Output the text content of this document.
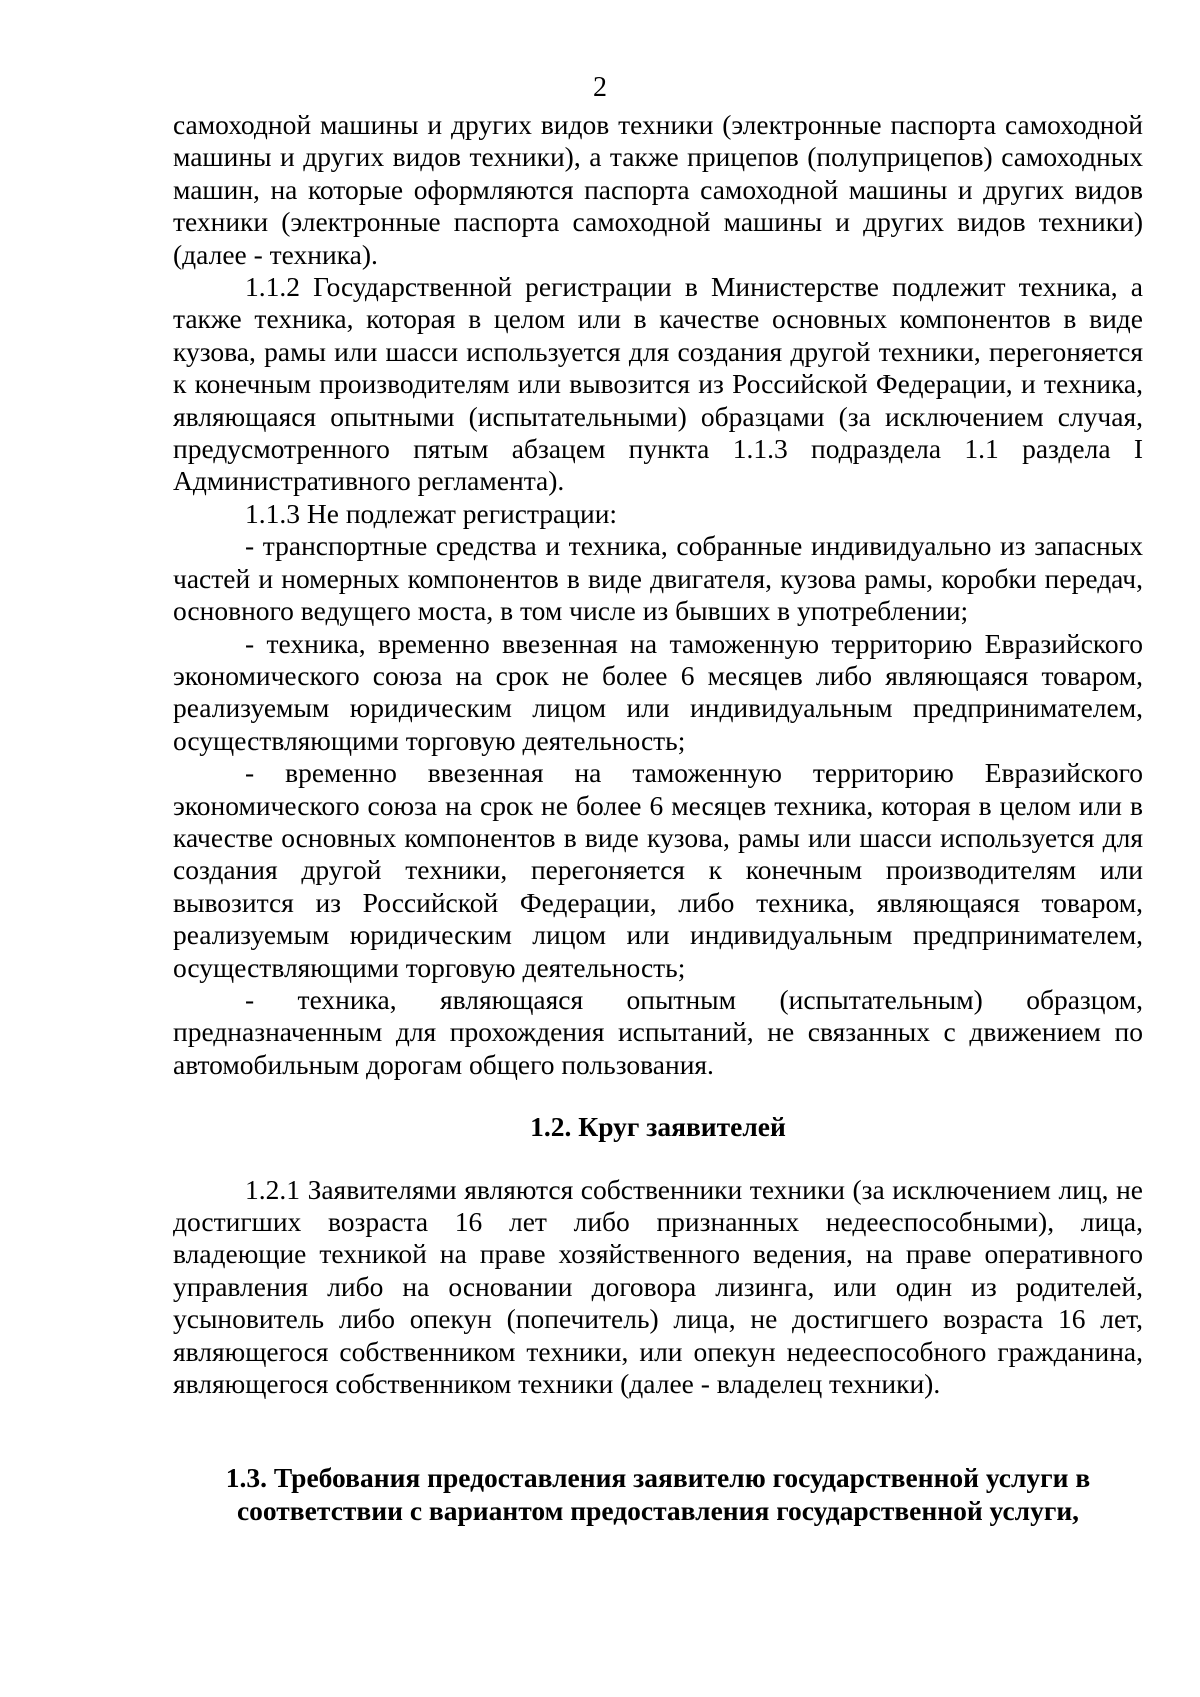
2

самоходной машины и других видов техники (электронные паспорта самоходной машины и других видов техники), а также прицепов (полуприцепов) самоходных машин, на которые оформляются паспорта самоходной машины и других видов техники (электронные паспорта самоходной машины и других видов техники) (далее - техника).

1.1.2 Государственной регистрации в Министерстве подлежит техника, а также техника, которая в целом или в качестве основных компонентов в виде кузова, рамы или шасси используется для создания другой техники, перегоняется к конечным производителям или вывозится из Российской Федерации, и техника, являющаяся опытными (испытательными) образцами (за исключением случая, предусмотренного пятым абзацем пункта 1.1.3 подраздела 1.1 раздела I Административного регламента).

1.1.3 Не подлежат регистрации:

- транспортные средства и техника, собранные индивидуально из запасных частей и номерных компонентов в виде двигателя, кузова рамы, коробки передач, основного ведущего моста, в том числе из бывших в употреблении;

- техника, временно ввезенная на таможенную территорию Евразийского экономического союза на срок не более 6 месяцев либо являющаяся товаром, реализуемым юридическим лицом или индивидуальным предпринимателем, осуществляющими торговую деятельность;

- временно ввезенная на таможенную территорию Евразийского экономического союза на срок не более 6 месяцев техника, которая в целом или в качестве основных компонентов в виде кузова, рамы или шасси используется для создания другой техники, перегоняется к конечным производителям или вывозится из Российской Федерации, либо техника, являющаяся товаром, реализуемым юридическим лицом или индивидуальным предпринимателем, осуществляющими торговую деятельность;

- техника, являющаяся опытным (испытательным) образцом, предназначенным для прохождения испытаний, не связанных с движением по автомобильным дорогам общего пользования.

1.2. Круг заявителей

1.2.1 Заявителями являются собственники техники (за исключением лиц, не достигших возраста 16 лет либо признанных недееспособными), лица, владеющие техникой на праве хозяйственного ведения, на праве оперативного управления либо на основании договора лизинга, или один из родителей, усыновитель либо опекун (попечитель) лица, не достигшего возраста 16 лет, являющегося собственником техники, или опекун недееспособного гражданина, являющегося собственником техники (далее - владелец техники).

1.3. Требования предоставления заявителю государственной услуги в
соответствии с вариантом предоставления государственной услуги,
